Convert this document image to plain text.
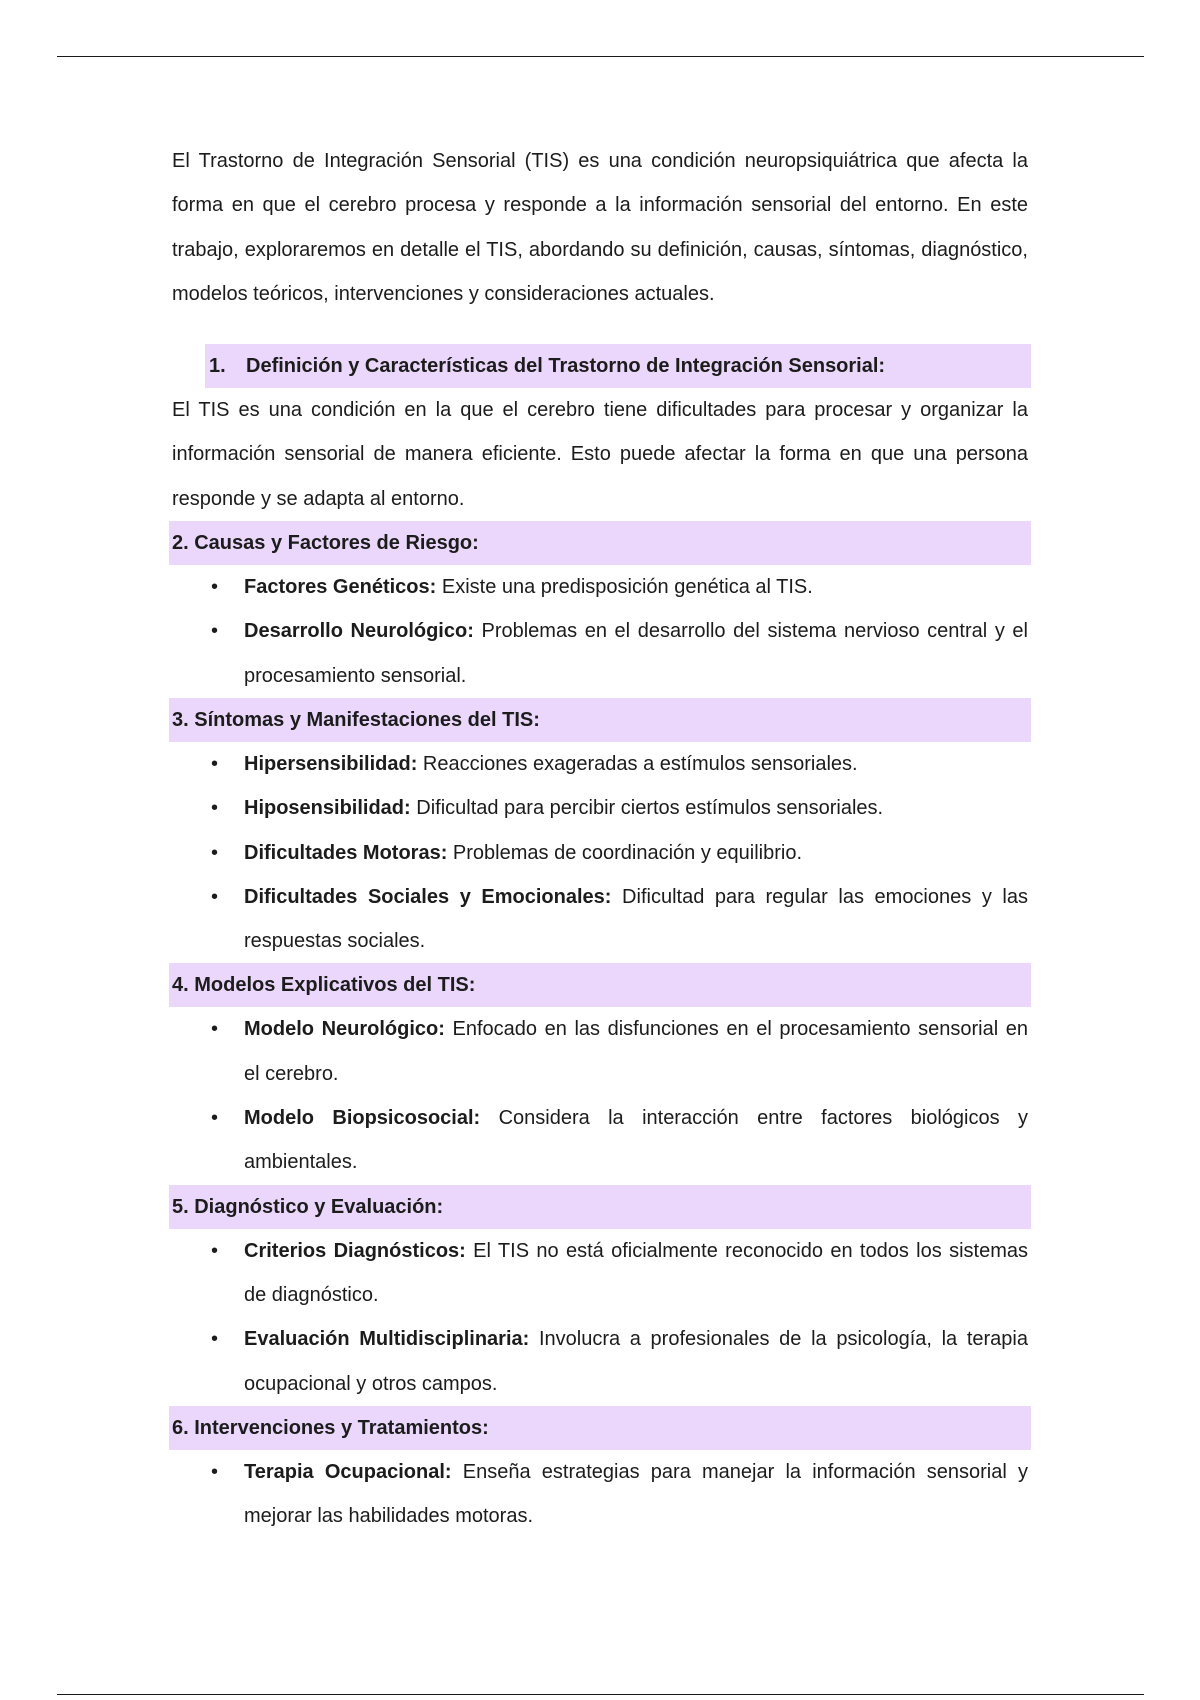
El Trastorno de Integración Sensorial (TIS) es una condición neuropsiquiátrica que afecta la forma en que el cerebro procesa y responde a la información sensorial del entorno. En este trabajo, exploraremos en detalle el TIS, abordando su definición, causas, síntomas, diagnóstico, modelos teóricos, intervenciones y consideraciones actuales.

1. Definición y Características del Trastorno de Integración Sensorial:

El TIS es una condición en la que el cerebro tiene dificultades para procesar y organizar la información sensorial de manera eficiente. Esto puede afectar la forma en que una persona responde y se adapta al entorno.

2. Causas y Factores de Riesgo:
• Factores Genéticos: Existe una predisposición genética al TIS.
• Desarrollo Neurológico: Problemas en el desarrollo del sistema nervioso central y el procesamiento sensorial.
3. Síntomas y Manifestaciones del TIS:
• Hipersensibilidad: Reacciones exageradas a estímulos sensoriales.
• Hiposensibilidad: Dificultad para percibir ciertos estímulos sensoriales.
• Dificultades Motoras: Problemas de coordinación y equilibrio.
• Dificultades Sociales y Emocionales: Dificultad para regular las emociones y las respuestas sociales.
4. Modelos Explicativos del TIS:
• Modelo Neurológico: Enfocado en las disfunciones en el procesamiento sensorial en el cerebro.
• Modelo Biopsicosocial: Considera la interacción entre factores biológicos y ambientales.
5. Diagnóstico y Evaluación:
• Criterios Diagnósticos: El TIS no está oficialmente reconocido en todos los sistemas de diagnóstico.
• Evaluación Multidisciplinaria: Involucra a profesionales de la psicología, la terapia ocupacional y otros campos.
6. Intervenciones y Tratamientos:
• Terapia Ocupacional: Enseña estrategias para manejar la información sensorial y mejorar las habilidades motoras.
